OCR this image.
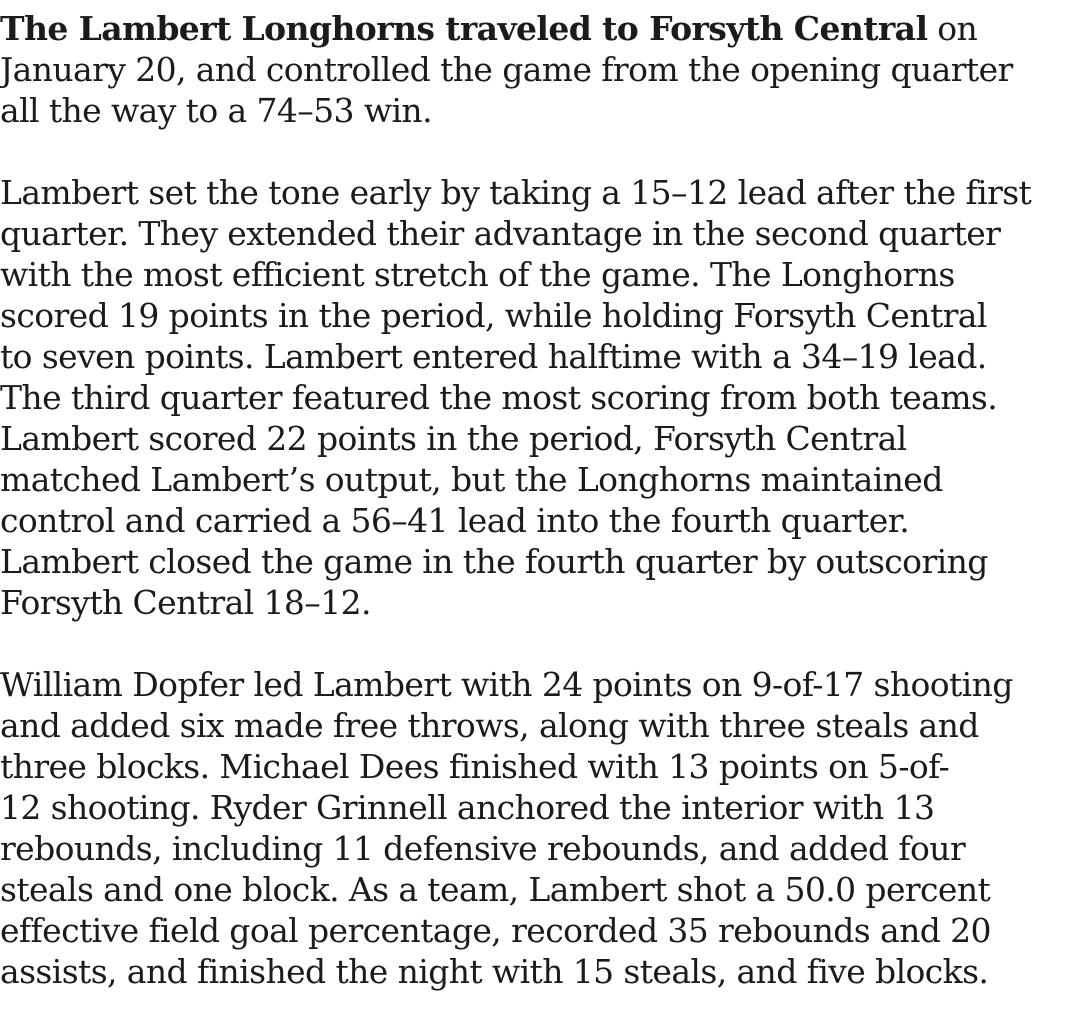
The Lambert Longhorns traveled to Forsyth Central on
January 20, and controlled the game from the opening quarter
all the way to a 74–53 win.
Lambert set the tone early by taking a 15–12 lead after the first
quarter. They extended their advantage in the second quarter
with the most efficient stretch of the game. The Longhorns
scored 19 points in the period, while holding Forsyth Central
to seven points. Lambert entered halftime with a 34–19 lead.
The third quarter featured the most scoring from both teams.
Lambert scored 22 points in the period, Forsyth Central
matched Lambert’s output, but the Longhorns maintained
control and carried a 56–41 lead into the fourth quarter.
Lambert closed the game in the fourth quarter by outscoring
Forsyth Central 18–12.
William Dopfer led Lambert with 24 points on 9-of-17 shooting
and added six made free throws, along with three steals and
three blocks. Michael Dees finished with 13 points on 5-of-
12 shooting. Ryder Grinnell anchored the interior with 13
rebounds, including 11 defensive rebounds, and added four
steals and one block. As a team, Lambert shot a 50.0 percent
effective field goal percentage, recorded 35 rebounds and 20
assists, and finished the night with 15 steals, and five blocks.
